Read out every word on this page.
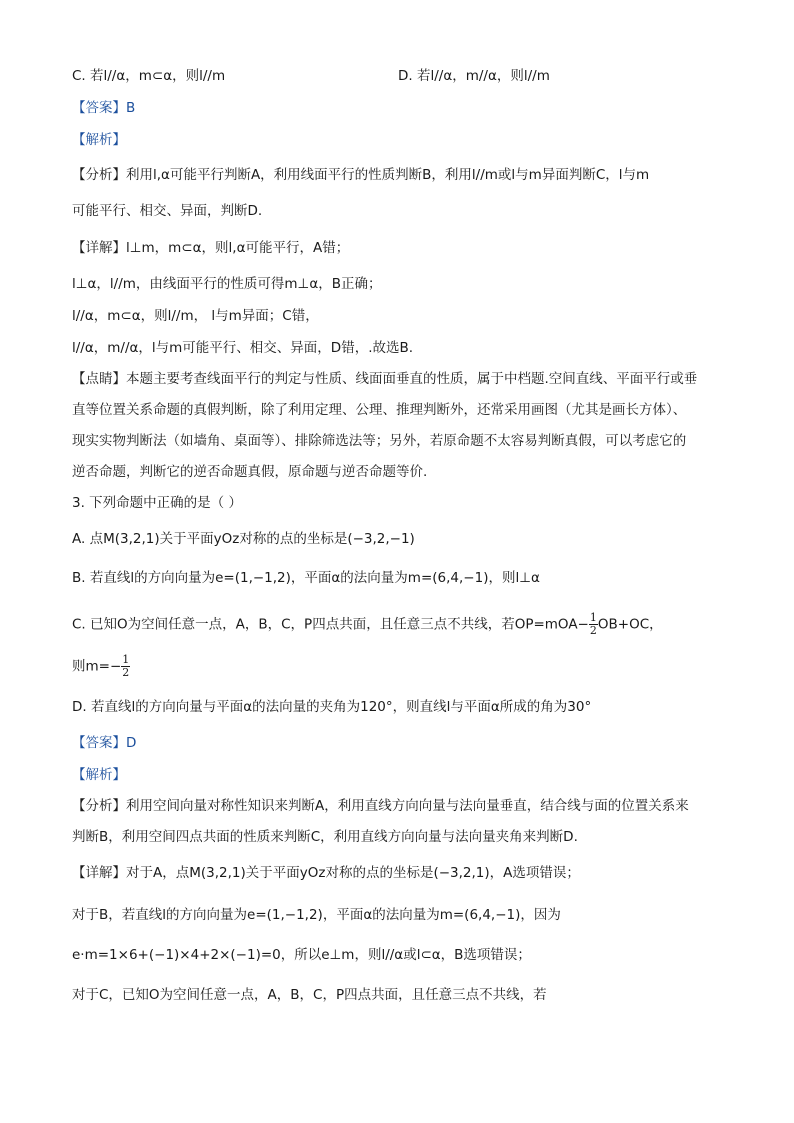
C. 若l//α，m⊂α，则l//m	D. 若l//α，m//α，则l//m
【答案】B
【解析】
【分析】利用l,α可能平行判断A，利用线面平行的性质判断B，利用l//m或l与m异面判断C，l与m
可能平行、相交、异面，判断D.
【详解】l⊥m，m⊂α，则l,α可能平行，A错；
l⊥α，l//m，由线面平行的性质可得m⊥α，B正确；
l//α，m⊂α，则l//m， l与m异面；C错，
l//α，m//α，l与m可能平行、相交、异面，D错，.故选B.
【点睛】本题主要考查线面平行的判定与性质、线面面垂直的性质，属于中档题.空间直线、平面平行或垂
直等位置关系命题的真假判断，除了利用定理、公理、推理判断外，还常采用画图（尤其是画长方体）、
现实实物判断法（如墙角、桌面等）、排除筛选法等；另外，若原命题不太容易判断真假，可以考虑它的
逆否命题，判断它的逆否命题真假，原命题与逆否命题等价.
3. 下列命题中正确的是（ ）
A. 点M(3,2,1)关于平面yOz对称的点的坐标是(−3,2,−1)
B. 若直线l的方向向量为e=(1,−1,2)，平面α的法向量为m=(6,4,−1)，则l⊥α
C. 已知O为空间任意一点，A，B，C，P四点共面，且任意三点不共线，若$OP=mOA- \frac{1}{2} OB+OC$，
则$m=- \frac{1}{2}$
D. 若直线l的方向向量与平面α的法向量的夹角为120°，则直线l与平面α所成的角为30°
【答案】D
【解析】
【分析】利用空间向量对称性知识来判断A，利用直线方向向量与法向量垂直，结合线与面的位置关系来
判断B，利用空间四点共面的性质来判断C，利用直线方向向量与法向量夹角来判断D.
【详解】对于A，点M(3,2,1)关于平面yOz对称的点的坐标是(−3,2,1)，A选项错误；
对于B，若直线l的方向向量为e=(1,−1,2)，平面α的法向量为m=(6,4,−1)，因为
e·m=1×6+(−1)×4+2×(−1)=0，所以e⊥m，则l//α或l⊂α，B选项错误；
对于C，已知O为空间任意一点，A，B，C，P四点共面，且任意三点不共线，若
